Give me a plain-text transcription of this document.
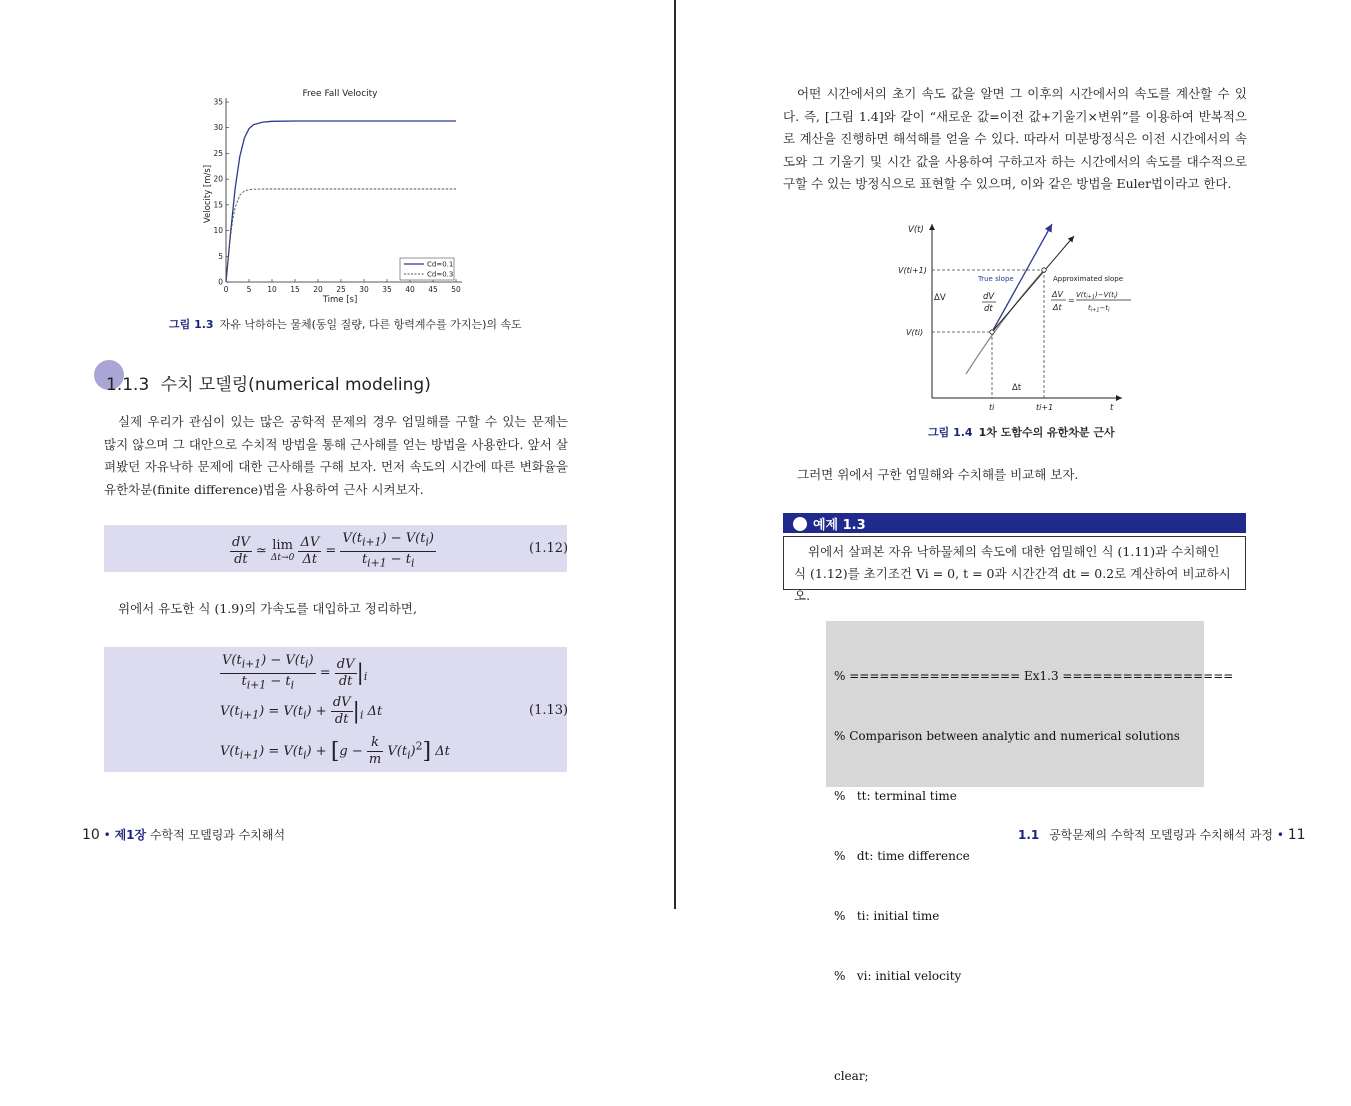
Free Fall Velocity
0 5 10 15 20 25 30 35 40 45 50
0
5
10
15
20
25
30
35
Cd=0.1
Cd=0.3
Time [s]
Velocity [m/s]
그림 1.3 자유 낙하하는 물체(동일 질량, 다른 항력계수를 가지는)의 속도
1.1.3 수치 모델링(numerical modeling)

실제 우리가 관심이 있는 많은 공학적 문제의 경우 엄밀해를 구할 수 있는 문제는 많지 않으며 그 대안으로 수치적 방법을 통해 근사해를 얻는 방법을 사용한다. 앞서 살펴봤던 자유낙하 문제에 대한 근사해를 구해 보자. 먼저 속도의 시간에 따른 변화율을 유한차분(finite difference)법을 사용하여 근사 시켜보자.

$\frac{dV}{dt}$ ≃ lim
Δt→0
$\frac{\Delta V}{\Delta t} = \frac{V(t_{i+1}) - V(t_i)}{t_{i+1} - t_i}$	(1.12)

위에서 유도한 식 (1.9)의 가속도를 대입하고 정리하면,

$\frac{V(t_{i+1}) - V(t_i)}{t_{i+1} - t_i} = \frac{dV}{dt} |_i$
$V(t_{i+1}) = V(t_i) + \frac{dV}{dt} |_i$ Δt
$V(t_{i+1}) = V(t_i) + [g - \frac{k}{m} V(t_i)^2]$ Δt
(1.13)
10 • 제1장 수학적 모델링과 수치해석

어떤 시간에서의 초기 속도 값을 알면 그 이후의 시간에서의 속도를 계산할 수 있다. 즉, [그림 1.4]와 같이 “새로운 값=이전 값+기울기×변위”를 이용하여 반복적으로 계산을 진행하면 해석해를 얻을 수 있다. 따라서 미분방정식은 이전 시간에서의 속도와 그 기울기 및 시간 값을 사용하여 구하고자 하는 시간에서의 속도를 대수적으로 구할 수 있는 방정식으로 표현할 수 있으며, 이와 같은 방법을 Euler법이라고 한다.

V(t)
V(ti+1)
V(ti)
ΔV	dV
dt
True slope	Approximated slope
ΔV
Δt
=
$V(t_{i+1})-V(t_i)$
$t_{i+1}-t_i$
Δt
ti	ti+1	t
그림 1.4 1차 도함수의 유한차분 근사

그러면 위에서 구한 엄밀해와 수치해를 비교해 보자.

예제 1.3

위에서 살펴본 자유 낙하물체의 속도에 대한 엄밀해인 식 (1.11)과 수치해인 식 (1.12)를 초기조건 Vi = 0, t = 0과 시간간격 dt = 0.2로 계산하여 비교하시오.

% ================= Ex1.3 =================

% Comparison between analytic and numerical solutions

%   tt: terminal time

%   dt: time difference

%   ti: initial time

%   vi: initial velocity

clear;

1.1 공학문제의 수학적 모델링과 수치해석 과정 • 11
